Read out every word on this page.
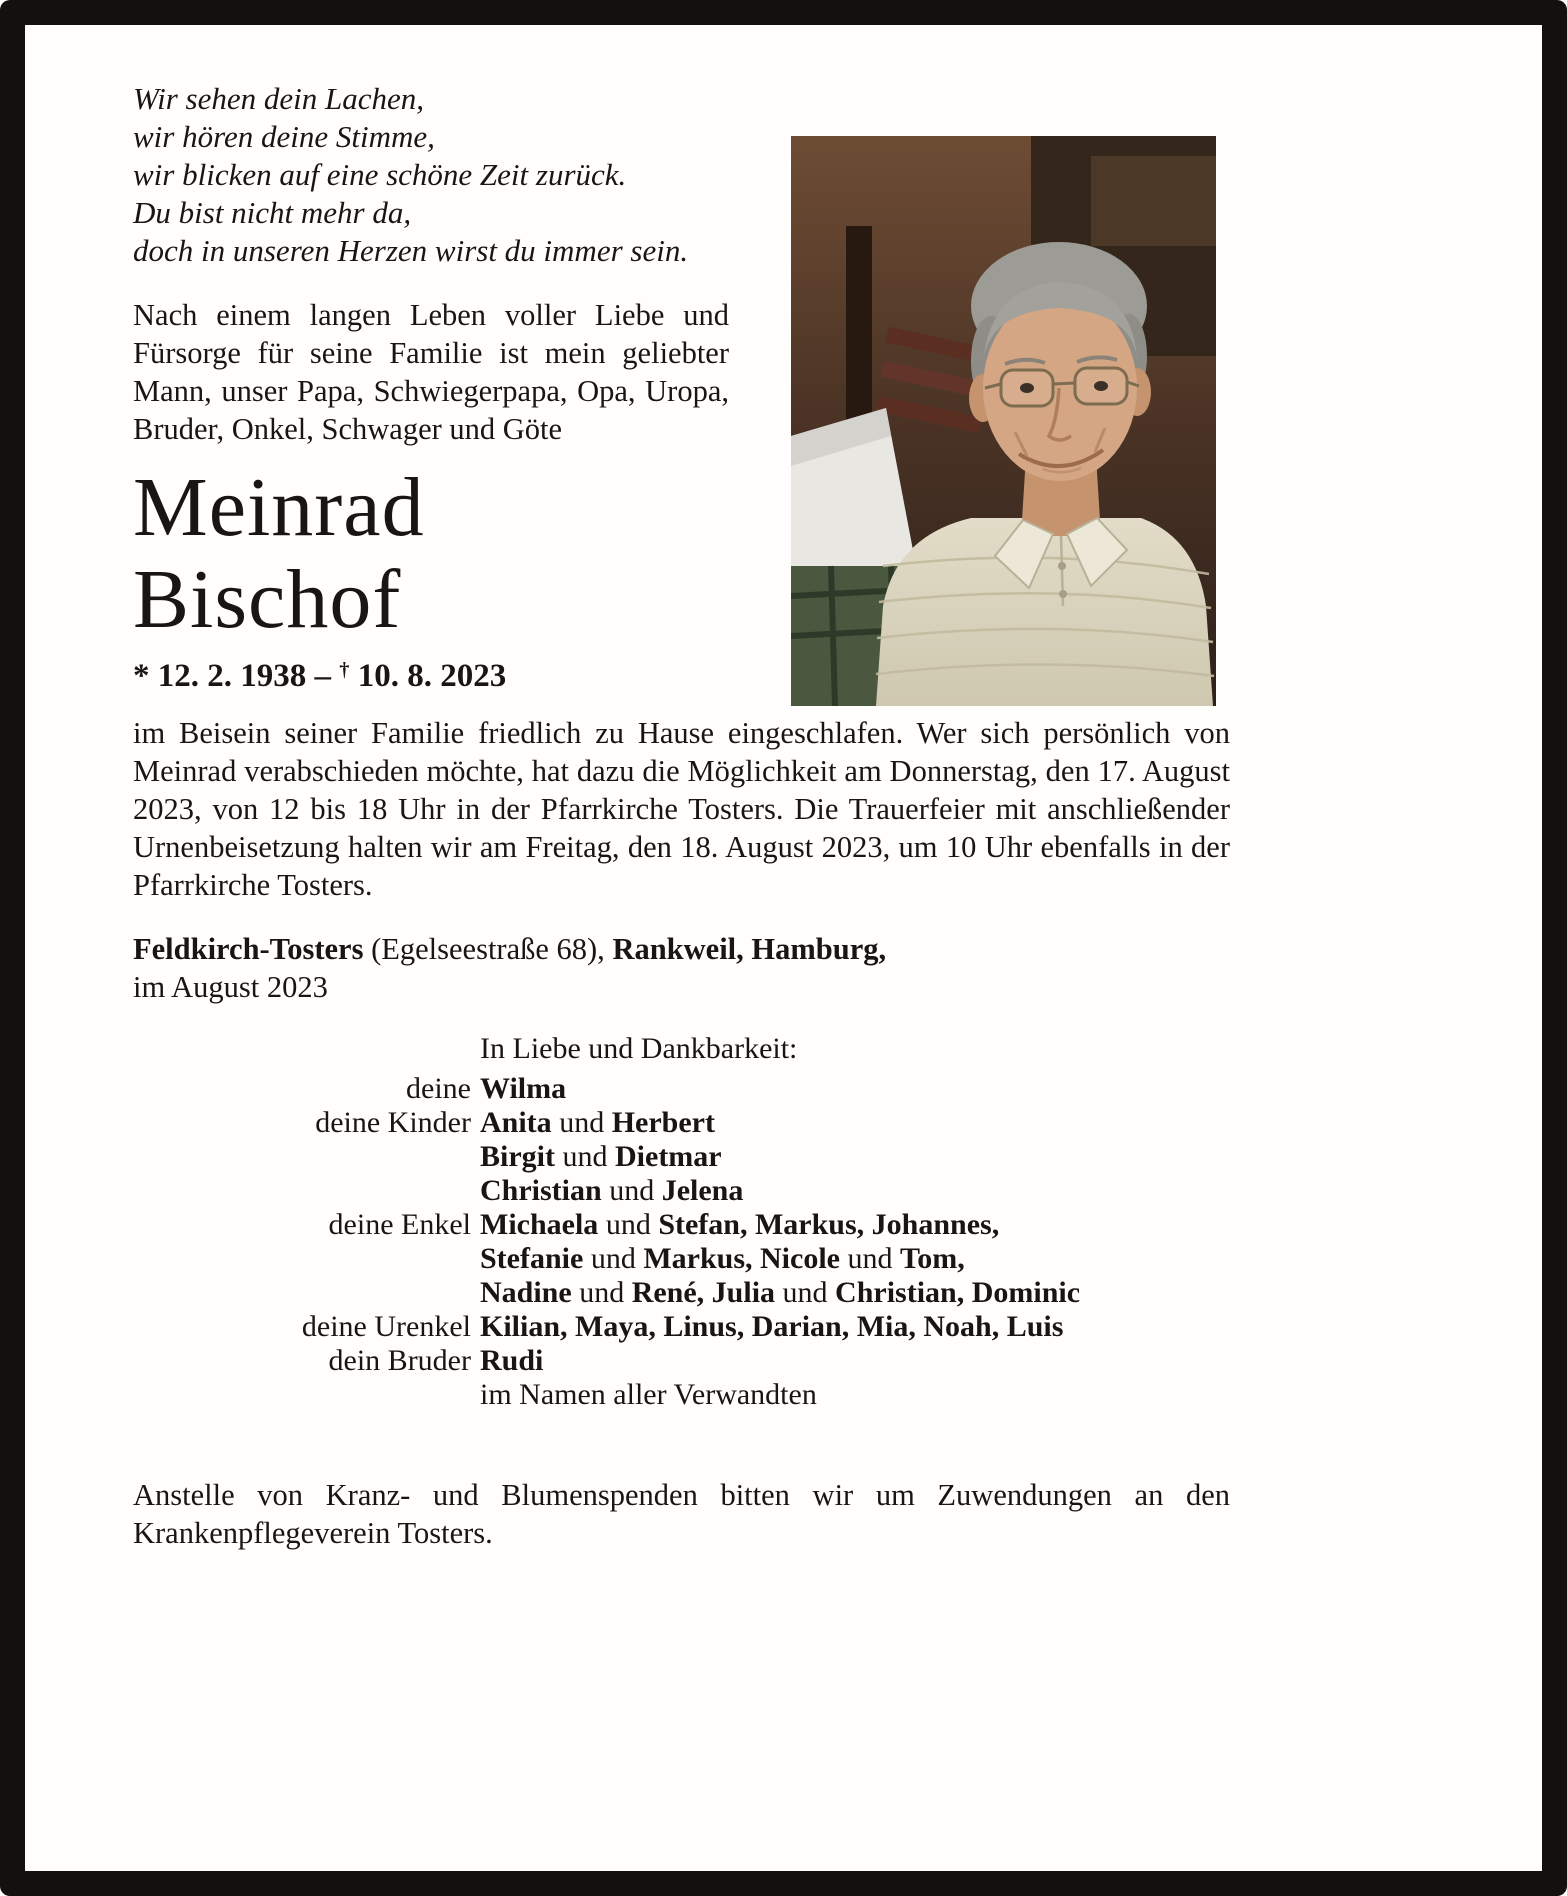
Wir sehen dein Lachen,
wir hören deine Stimme,
wir blicken auf eine schöne Zeit zurück.
Du bist nicht mehr da,
doch in unseren Herzen wirst du immer sein.
Nach einem langen Leben voller Liebe und Fürsorge für seine Familie ist mein geliebter Mann, unser Papa, Schwiegerpapa, Opa, Uropa, Bruder, Onkel, Schwager und Göte
Meinrad
Bischof
* 12. 2. 1938 – † 10. 8. 2023
im Beisein seiner Familie friedlich zu Hause eingeschlafen. Wer sich persönlich von Meinrad verabschieden möchte, hat dazu die Möglichkeit am Donnerstag, den 17. August 2023, von 12 bis 18 Uhr in der Pfarrkirche Tosters. Die Trauerfeier mit anschließender Urnenbeisetzung halten wir am Freitag, den 18. August 2023, um 10 Uhr ebenfalls in der Pfarrkirche Tosters.
Feldkirch-Tosters (Egelseestraße 68), Rankweil, Hamburg,
im August 2023
In Liebe und Dankbarkeit:
deine Wilma
deine Kinder Anita und Herbert
Birgit und Dietmar
Christian und Jelena
deine Enkel Michaela und Stefan, Markus, Johannes,
Stefanie und Markus, Nicole und Tom,
Nadine und René, Julia und Christian, Dominic
deine Urenkel Kilian, Maya, Linus, Darian, Mia, Noah, Luis
dein Bruder Rudi
im Namen aller Verwandten
Anstelle von Kranz- und Blumenspenden bitten wir um Zuwendungen an den Krankenpflegeverein Tosters.
